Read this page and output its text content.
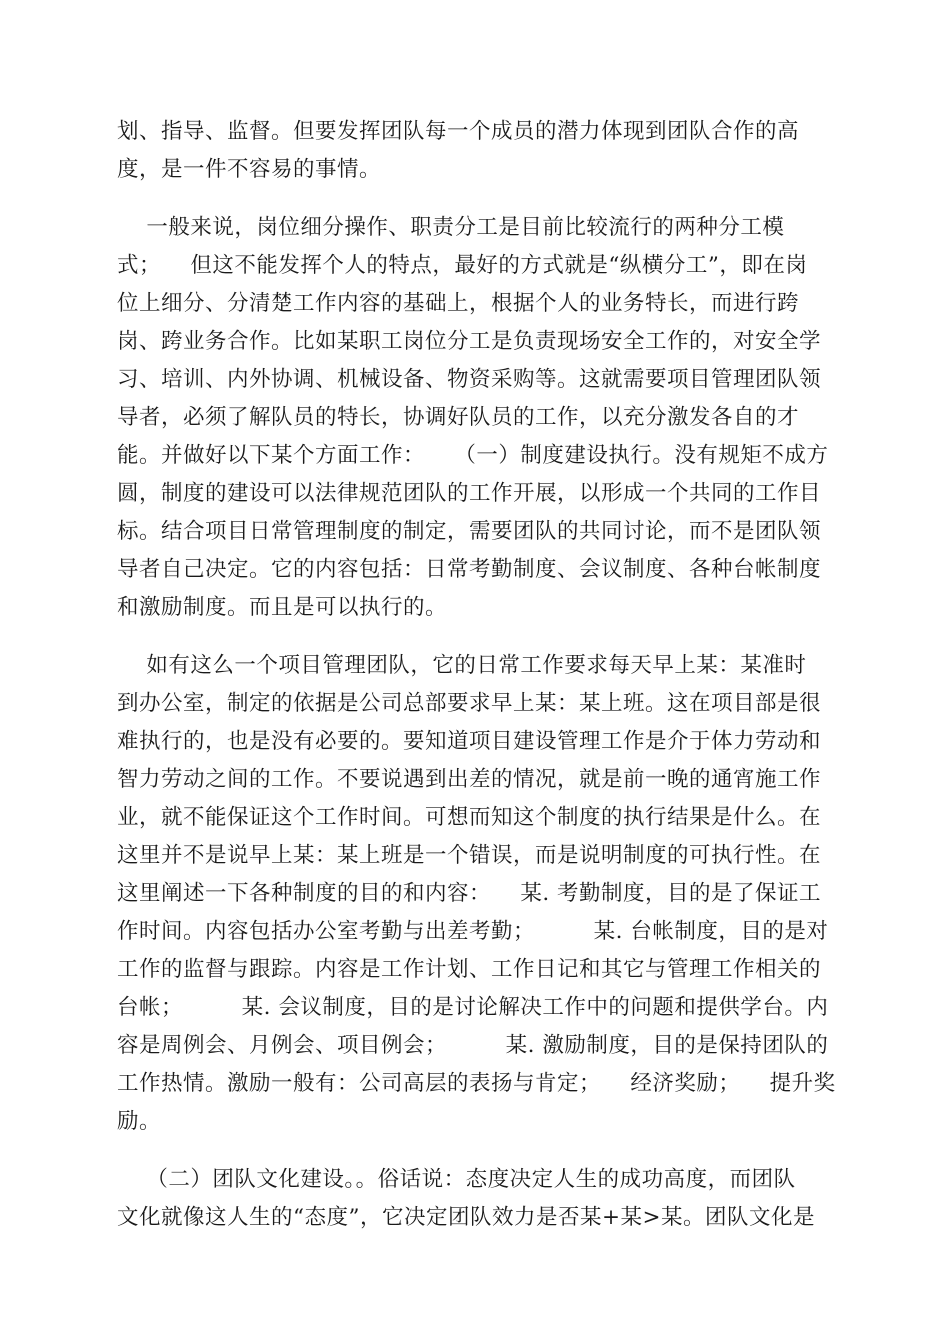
划、指导、监督。但要发挥团队每一个成员的潜力体现到团队合作的高
度，是一件不容易的事情。
一般来说，岗位细分操作、职责分工是目前比较流行的两种分工模
式；    但这不能发挥个人的特点，最好的方式就是“纵横分工”，即在岗
位上细分、分清楚工作内容的基础上，根据个人的业务特长，而进行跨
岗、跨业务合作。比如某职工岗位分工是负责现场安全工作的，对安全学
习、培训、内外协调、机械设备、物资采购等。这就需要项目管理团队领
导者，必须了解队员的特长，协调好队员的工作，以充分激发各自的才
能。并做好以下某个方面工作：    （一）制度建设执行。没有规矩不成方
圆，制度的建设可以法律规范团队的工作开展，以形成一个共同的工作目
标。结合项目日常管理制度的制定，需要团队的共同讨论，而不是团队领
导者自己决定。它的内容包括：日常考勤制度、会议制度、各种台帐制度
和激励制度。而且是可以执行的。
如有这么一个项目管理团队，它的日常工作要求每天早上某：某准时
到办公室，制定的依据是公司总部要求早上某：某上班。这在项目部是很
难执行的，也是没有必要的。要知道项目建设管理工作是介于体力劳动和
智力劳动之间的工作。不要说遇到出差的情况，就是前一晚的通宵施工作
业，就不能保证这个工作时间。可想而知这个制度的执行结果是什么。在
这里并不是说早上某：某上班是一个错误，而是说明制度的可执行性。在
这里阐述一下各种制度的目的和内容：    某. 考勤制度，目的是了保证工
作时间。内容包括办公室考勤与出差考勤；        某. 台帐制度，目的是对
工作的监督与跟踪。内容是工作计划、工作日记和其它与管理工作相关的
台帐；        某. 会议制度，目的是讨论解决工作中的问题和提供学台。内
容是周例会、月例会、项目例会；        某. 激励制度，目的是保持团队的
工作热情。激励一般有：公司高层的表扬与肯定；    经济奖励；    提升奖
励。
（二）团队文化建设。。俗话说：态度决定人生的成功高度，而团队
文化就像这人生的“态度”，它决定团队效力是否某+某>某。团队文化是
